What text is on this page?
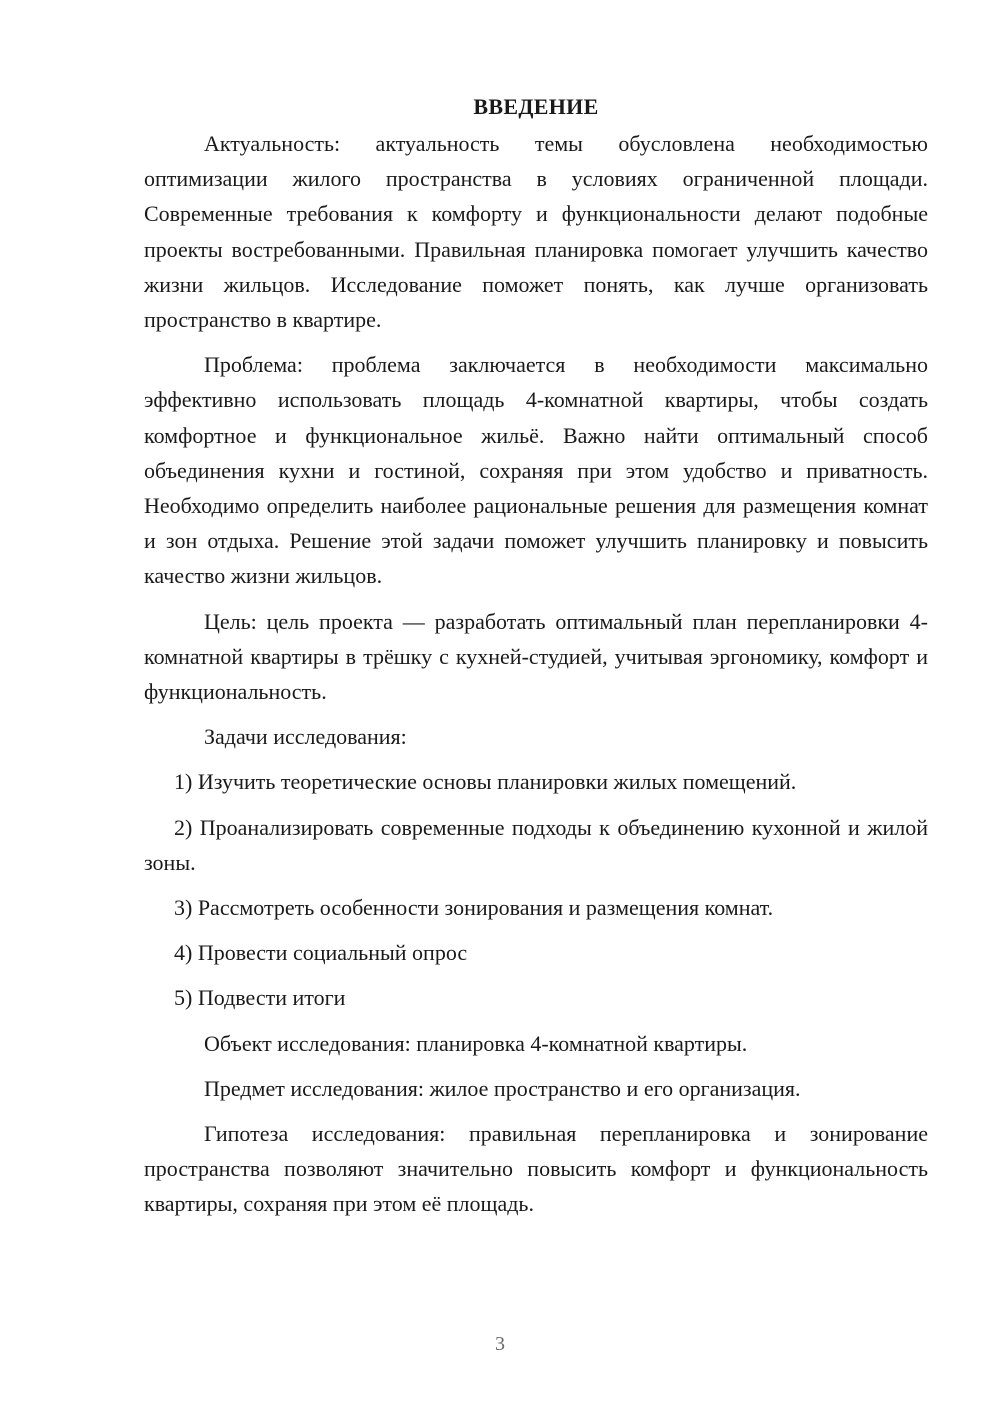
ВВЕДЕНИЕ

Актуальность: актуальность темы обусловлена необходимостью оптимизации жилого пространства в условиях ограниченной площади. Современные требования к комфорту и функциональности делают подобные проекты востребованными. Правильная планировка помогает улучшить качество жизни жильцов. Исследование поможет понять, как лучше организовать пространство в квартире.

Проблема: проблема заключается в необходимости максимально эффективно использовать площадь 4-комнатной квартиры, чтобы создать комфортное и функциональное жильё. Важно найти оптимальный способ объединения кухни и гостиной, сохраняя при этом удобство и приватность. Необходимо определить наиболее рациональные решения для размещения комнат и зон отдыха. Решение этой задачи поможет улучшить планировку и повысить качество жизни жильцов.

Цель: цель проекта — разработать оптимальный план перепланировки 4-комнатной квартиры в трёшку с кухней-студией, учитывая эргономику, комфорт и функциональность.

Задачи исследования:

1) Изучить теоретические основы планировки жилых помещений.

2) Проанализировать современные подходы к объединению кухонной и жилой зоны.

3) Рассмотреть особенности зонирования и размещения комнат.

4) Провести социальный опрос

5) Подвести итоги

Объект исследования: планировка 4-комнатной квартиры.

Предмет исследования: жилое пространство и его организация.

Гипотеза исследования: правильная перепланировка и зонирование пространства позволяют значительно повысить комфорт и функциональность квартиры, сохраняя при этом её площадь.

3
